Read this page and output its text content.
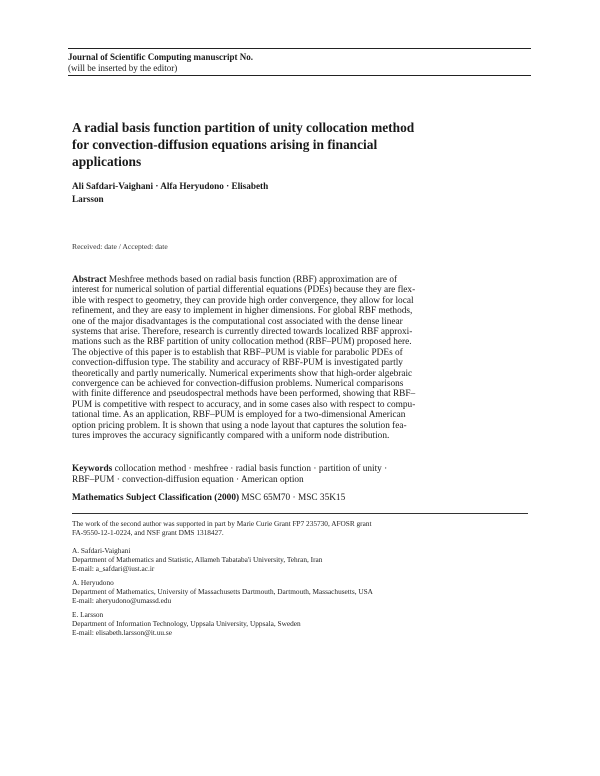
Journal of Scientific Computing manuscript No.
(will be inserted by the editor)
A radial basis function partition of unity collocation method
for convection-diffusion equations arising in financial
applications
Ali Safdari-Vaighani · Alfa Heryudono · Elisabeth
Larsson
Received: date / Accepted: date
Abstract Meshfree methods based on radial basis function (RBF) approximation are of
interest for numerical solution of partial differential equations (PDEs) because they are flex-
ible with respect to geometry, they can provide high order convergence, they allow for local
refinement, and they are easy to implement in higher dimensions. For global RBF methods,
one of the major disadvantages is the computational cost associated with the dense linear
systems that arise. Therefore, research is currently directed towards localized RBF approxi-
mations such as the RBF partition of unity collocation method (RBF–PUM) proposed here.
The objective of this paper is to establish that RBF–PUM is viable for parabolic PDEs of
convection-diffusion type. The stability and accuracy of RBF-PUM is investigated partly
theoretically and partly numerically. Numerical experiments show that high-order algebraic
convergence can be achieved for convection-diffusion problems. Numerical comparisons
with finite difference and pseudospectral methods have been performed, showing that RBF–
PUM is competitive with respect to accuracy, and in some cases also with respect to compu-
tational time. As an application, RBF–PUM is employed for a two-dimensional American
option pricing problem. It is shown that using a node layout that captures the solution fea-
tures improves the accuracy significantly compared with a uniform node distribution.
Keywords collocation method · meshfree · radial basis function · partition of unity ·
RBF–PUM · convection-diffusion equation · American option
Mathematics Subject Classification (2000) MSC 65M70 · MSC 35K15
The work of the second author was supported in part by Marie Curie Grant FP7 235730, AFOSR grant
FA-9550-12-1-0224, and NSF grant DMS 1318427.
A. Safdari-Vaighani
Department of Mathematics and Statistic, Allameh Tabataba'i University, Tehran, Iran
E-mail: a_safdari@iust.ac.ir
A. Heryudono
Department of Mathematics, University of Massachusetts Dartmouth, Dartmouth, Massachusetts, USA
E-mail: aheryudono@umassd.edu
E. Larsson
Department of Information Technology, Uppsala University, Uppsala, Sweden
E-mail: elisabeth.larsson@it.uu.se
